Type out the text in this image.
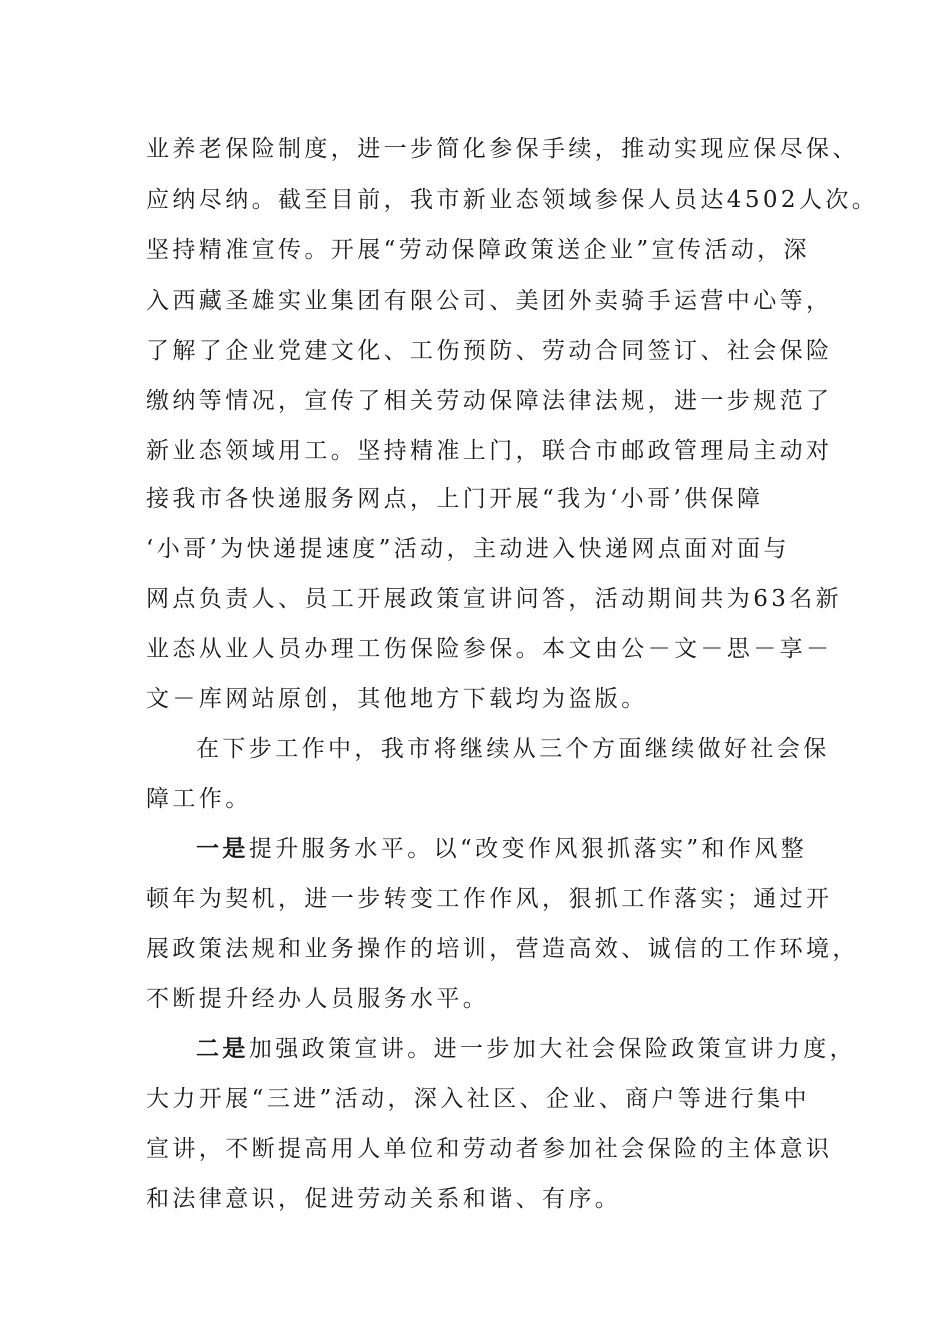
业养老保险制度，进一步简化参保手续，推动实现应保尽保、

应纳尽纳。截至目前，我市新业态领域参保人员达4502人次。

坚持精准宣传。开展“劳动保障政策送企业”宣传活动，深

入西藏圣雄实业集团有限公司、美团外卖骑手运营中心等，

了解了企业党建文化、工伤预防、劳动合同签订、社会保险

缴纳等情况，宣传了相关劳动保障法律法规，进一步规范了

新业态领域用工。坚持精准上门，联合市邮政管理局主动对

接我市各快递服务网点，上门开展“我为‘小哥’供保障

‘小哥’为快递提速度”活动，主动进入快递网点面对面与

网点负责人、员工开展政策宣讲问答，活动期间共为63名新

业态从业人员办理工伤保险参保。本文由公－文－思－享－

文－库网站原创，其他地方下载均为盗版。

在下步工作中，我市将继续从三个方面继续做好社会保

障工作。

一是提升服务水平。以“改变作风狠抓落实”和作风整

顿年为契机，进一步转变工作作风，狠抓工作落实；通过开

展政策法规和业务操作的培训，营造高效、诚信的工作环境，

不断提升经办人员服务水平。

二是加强政策宣讲。进一步加大社会保险政策宣讲力度，

大力开展“三进”活动，深入社区、企业、商户等进行集中

宣讲，不断提高用人单位和劳动者参加社会保险的主体意识

和法律意识，促进劳动关系和谐、有序。
